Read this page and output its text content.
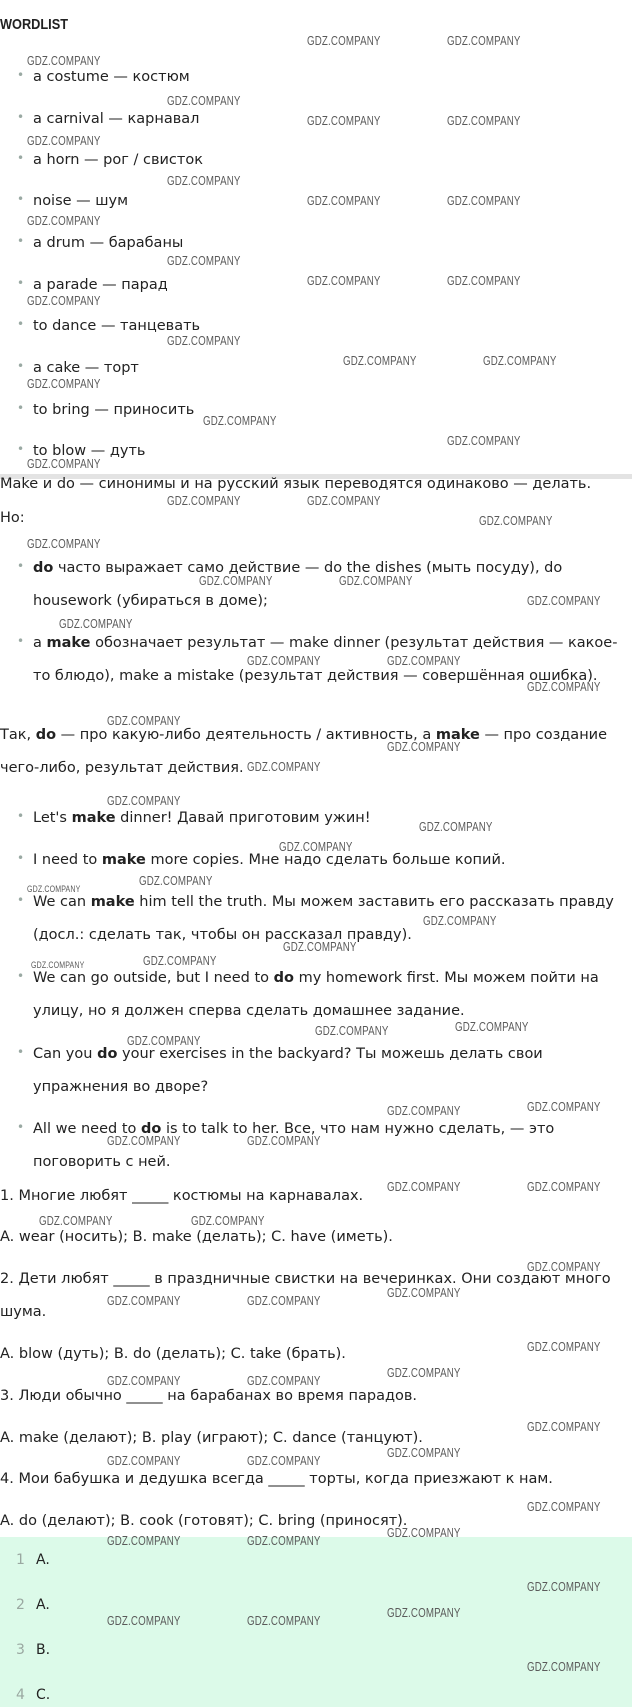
WORDLIST
• a costume — костюм
• a carnival — карнавал
• a horn — рог / свисток
• noise — шум
• a drum — барабаны
• a parade — парад
• to dance — танцевать
• a cake — торт
• to bring — приносить
• to blow — дуть
Make и do — синонимы и на русский язык переводятся одинаково — делать.
Но:
• do часто выражает само действие — do the dishes (мыть посуду), do
housework (убираться в доме);
• a make обозначает результат — make dinner (результат действия — какое-
то блюдо), make a mistake (результат действия — совершённая ошибка).
Так, do — про какую-либо деятельность / активность, а make — про создание
чего-либо, результат действия.
• Let's make dinner! Давай приготовим ужин!
• I need to make more copies. Мне надо сделать больше копий.
• We can make him tell the truth. Мы можем заставить его рассказать правду
(досл.: сделать так, чтобы он рассказал правду).
• We can go outside, but I need to do my homework first. Мы можем пойти на
улицу, но я должен сперва сделать домашнее задание.
• Can you do your exercises in the backyard? Ты можешь делать свои
упражнения во дворе?
• All we need to do is to talk to her. Все, что нам нужно сделать, — это
поговорить с ней.
1. Многие любят _____ костюмы на карнавалах.
A. wear (носить); B. make (делать); C. have (иметь).
2. Дети любят _____ в праздничные свистки на вечеринках. Они создают много
шума.
A. blow (дуть); B. do (делать); C. take (брать).
3. Люди обычно _____ на барабанах во время парадов.
A. make (делают); B. play (играют); C. dance (танцуют).
4. Мои бабушка и дедушка всегда _____ торты, когда приезжают к нам.
A. do (делают); B. cook (готовят); C. bring (приносят).
1 A.
2 A.
3 B.
4 C.
GDZ.COMPANY	GDZ.COMPANY
GDZ.COMPANY
GDZ.COMPANY
GDZ.COMPANY	GDZ.COMPANY
GDZ.COMPANY
GDZ.COMPANY
GDZ.COMPANY	GDZ.COMPANY
GDZ.COMPANY
GDZ.COMPANY
GDZ.COMPANY	GDZ.COMPANY
GDZ.COMPANY
GDZ.COMPANY
GDZ.COMPANY	GDZ.COMPANY
GDZ.COMPANY
GDZ.COMPANY
GDZ.COMPANY
GDZ.COMPANY
GDZ.COMPANY	GDZ.COMPANY
GDZ.COMPANY
GDZ.COMPANY
GDZ.COMPANY	GDZ.COMPANY
GDZ.COMPANY
GDZ.COMPANY
GDZ.COMPANY	GDZ.COMPANY
GDZ.COMPANY
GDZ.COMPANY
GDZ.COMPANY
GDZ.COMPANY
GDZ.COMPANY
GDZ.COMPANY
GDZ.COMPANY
GDZ.COMPANY
GDZ.COMPANY
GDZ.COMPANY
GDZ.COMPANY
GDZ.COMPANY	GDZ.COMPANY
GDZ.COMPANY
GDZ.COMPANY
GDZ.COMPANY
GDZ.COMPANY
GDZ.COMPANY
GDZ.COMPANY	GDZ.COMPANY
GDZ.COMPANY
GDZ.COMPANY
GDZ.COMPANY	GDZ.COMPANY
GDZ.COMPANY
GDZ.COMPANY
GDZ.COMPANY	GDZ.COMPANY
GDZ.COMPANY
GDZ.COMPANY
GDZ.COMPANY	GDZ.COMPANY
GDZ.COMPANY
GDZ.COMPANY
GDZ.COMPANY	GDZ.COMPANY
GDZ.COMPANY
GDZ.COMPANY
GDZ.COMPANY	GDZ.COMPANY
GDZ.COMPANY
GDZ.COMPANY
GDZ.COMPANY	GDZ.COMPANY
GDZ.COMPANY
